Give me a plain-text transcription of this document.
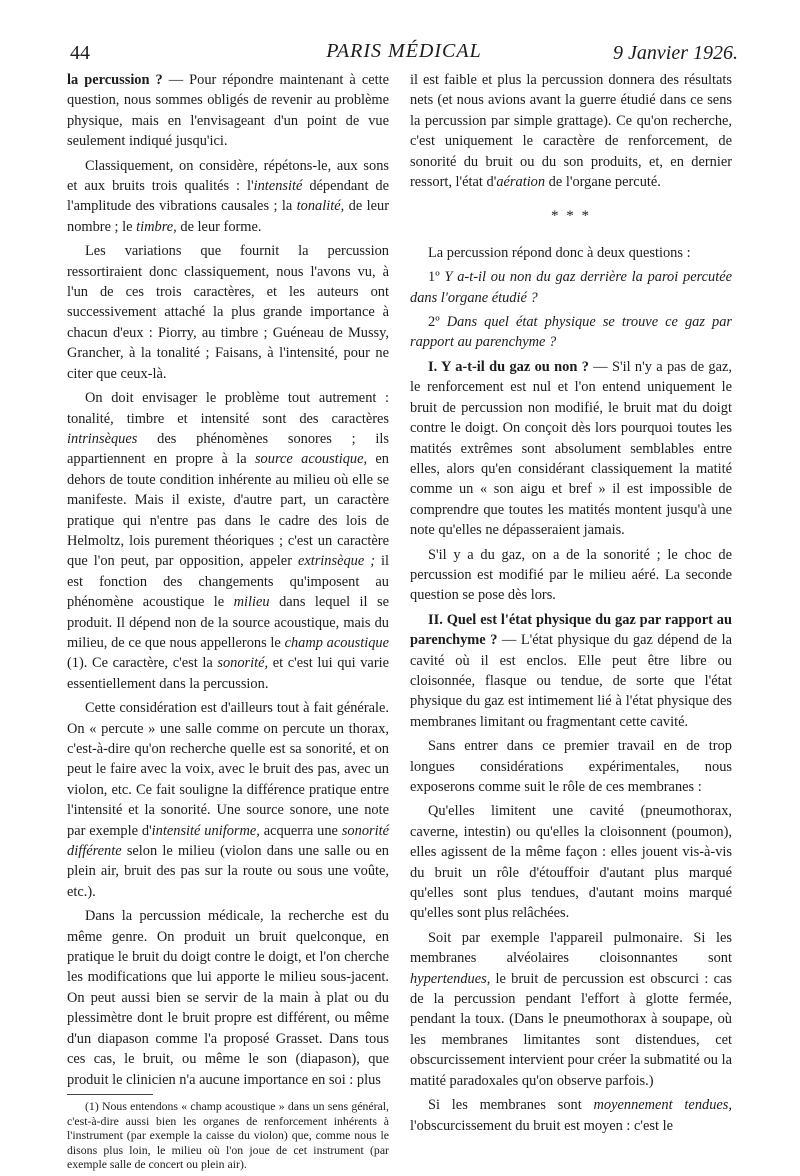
44	PARIS MÉDICAL	9 Janvier 1926.

la percussion ? — Pour répondre maintenant à cette question, nous sommes obligés de revenir au problème physique, mais en l'envisageant d'un point de vue seulement indiqué jusqu'ici.

Classiquement, on considère, répétons-le, aux sons et aux bruits trois qualités : l'intensité dépendant de l'amplitude des vibrations causales ; la tonalité, de leur nombre ; le timbre, de leur forme.

Les variations que fournit la percussion ressortiraient donc classiquement, nous l'avons vu, à l'un de ces trois caractères, et les auteurs ont successivement attaché la plus grande importance à chacun d'eux : Piorry, au timbre ; Guéneau de Mussy, Grancher, à la tonalité ; Faisans, à l'intensité, pour ne citer que ceux-là.

On doit envisager le problème tout autrement : tonalité, timbre et intensité sont des caractères intrinsèques des phénomènes sonores ; ils appartiennent en propre à la source acoustique, en dehors de toute condition inhérente au milieu où elle se manifeste. Mais il existe, d'autre part, un caractère pratique qui n'entre pas dans le cadre des lois de Helmoltz, lois purement théoriques ; c'est un caractère que l'on peut, par opposition, appeler extrinsèque ; il est fonction des changements qu'imposent au phénomène acoustique le milieu dans lequel il se produit. Il dépend non de la source acoustique, mais du milieu, de ce que nous appellerons le champ acoustique (1). Ce caractère, c'est la sonorité, et c'est lui qui varie essentiellement dans la percussion.

Cette considération est d'ailleurs tout à fait générale. On « percute » une salle comme on percute un thorax, c'est-à-dire qu'on recherche quelle est sa sonorité, et on peut le faire avec la voix, avec le bruit des pas, avec un violon, etc. Ce fait souligne la différence pratique entre l'intensité et la sonorité. Une source sonore, une note par exemple d'intensité uniforme, acquerra une sonorité différente selon le milieu (violon dans une salle ou en plein air, bruit des pas sur la route ou sous une voûte, etc.).

Dans la percussion médicale, la recherche est du même genre. On produit un bruit quelconque, en pratique le bruit du doigt contre le doigt, et l'on cherche les modifications que lui apporte le milieu sous-jacent. On peut aussi bien se servir de la main à plat ou du plessimètre dont le bruit propre est différent, ou même d'un diapason comme l'a proposé Grasset. Dans tous ces cas, le bruit, ou même le son (diapason), que produit le clinicien n'a aucune importance en soi : plus

(1) Nous entendons « champ acoustique » dans un sens général, c'est-à-dire aussi bien les organes de renforcement inhérents à l'instrument (par exemple la caisse du violon) que, comme nous le disons plus loin, le milieu où l'on joue de cet instrument (par exemple salle de concert ou plein air).

il est faible et plus la percussion donnera des résultats nets (et nous avions avant la guerre étudié dans ce sens la percussion par simple grattage). Ce qu'on recherche, c'est uniquement le caractère de renforcement, de sonorité du bruit ou du son produits, et, en dernier ressort, l'état d'aération de l'organe percuté.

* * *

La percussion répond donc à deux questions :

1º Y a-t-il ou non du gaz derrière la paroi percutée dans l'organe étudié ?

2º Dans quel état physique se trouve ce gaz par rapport au parenchyme ?

I. Y a-t-il du gaz ou non ? — S'il n'y a pas de gaz, le renforcement est nul et l'on entend uniquement le bruit de percussion non modifié, le bruit mat du doigt contre le doigt. On conçoit dès lors pourquoi toutes les matités extrêmes sont absolument semblables entre elles, alors qu'en considérant classiquement la matité comme un « son aigu et bref » il est impossible de comprendre que toutes les matités montent jusqu'à une note qu'elles ne dépasseraient jamais.

S'il y a du gaz, on a de la sonorité ; le choc de percussion est modifié par le milieu aéré. La seconde question se pose dès lors.

II. Quel est l'état physique du gaz par rapport au parenchyme ? — L'état physique du gaz dépend de la cavité où il est enclos. Elle peut être libre ou cloisonnée, flasque ou tendue, de sorte que l'état physique du gaz est intimement lié à l'état physique des membranes limitant ou fragmentant cette cavité.

Sans entrer dans ce premier travail en de trop longues considérations expérimentales, nous exposerons comme suit le rôle de ces membranes :

Qu'elles limitent une cavité (pneumothorax, caverne, intestin) ou qu'elles la cloisonnent (poumon), elles agissent de la même façon : elles jouent vis-à-vis du bruit un rôle d'étouffoir d'autant plus marqué qu'elles sont plus tendues, d'autant moins marqué qu'elles sont plus relâchées.

Soit par exemple l'appareil pulmonaire. Si les membranes alvéolaires cloisonnantes sont hypertendues, le bruit de percussion est obscurci : cas de la percussion pendant l'effort à glotte fermée, pendant la toux. (Dans le pneumothorax à soupape, où les membranes limitantes sont distendues, cet obscurcissement intervient pour créer la submatité ou la matité paradoxales qu'on observe parfois.)

Si les membranes sont moyennement tendues, l'obscurcissement du bruit est moyen : c'est le
